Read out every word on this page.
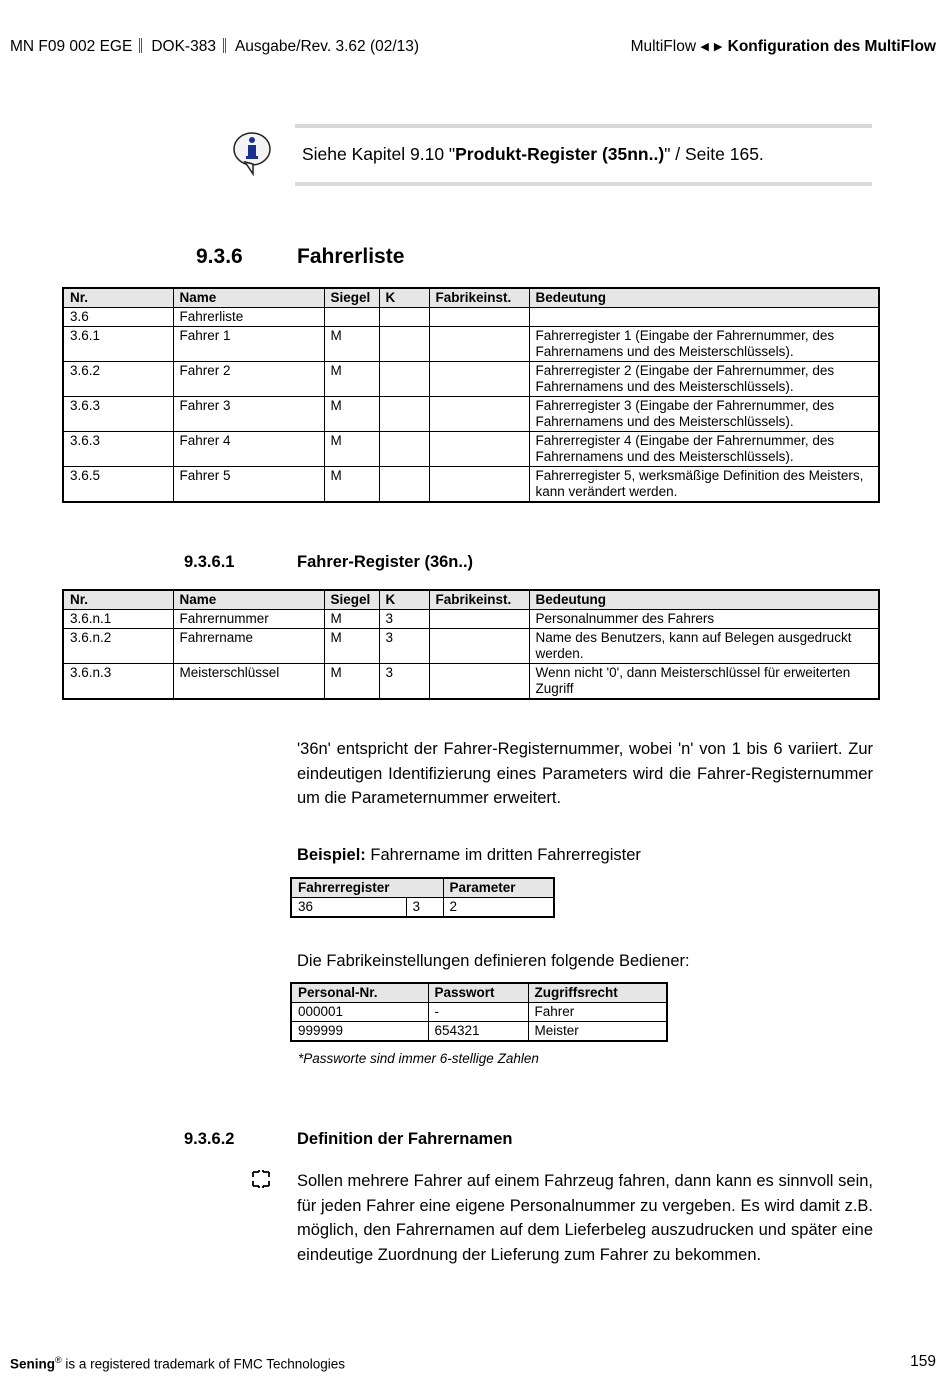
MN F09 002 EGE DOK-383 Ausgabe/Rev. 3.62 (02/13)	MultiFlow ◀ ▶ Konfiguration des MultiFlow
Siehe Kapitel 9.10 "Produkt-Register (35nn..)" / Seite 165.
9.3.6	Fahrerliste
Nr.	Name	Siegel	K	Fabrikeinst.	Bedeutung
3.6	Fahrerliste				
3.6.1	Fahrer 1	M			Fahrerregister 1 (Eingabe der Fahrernummer, des Fahrernamens und des Meisterschlüssels).
3.6.2	Fahrer 2	M			Fahrerregister 2 (Eingabe der Fahrernummer, des Fahrernamens und des Meisterschlüssels).
3.6.3	Fahrer 3	M			Fahrerregister 3 (Eingabe der Fahrernummer, des Fahrernamens und des Meisterschlüssels).
3.6.3	Fahrer 4	M			Fahrerregister 4 (Eingabe der Fahrernummer, des Fahrernamens und des Meisterschlüssels).
3.6.5	Fahrer 5	M			Fahrerregister 5, werksmäßige Definition des Meisters, kann verändert werden.
9.3.6.1	Fahrer-Register (36n..)
Nr.	Name	Siegel	K	Fabrikeinst.	Bedeutung
3.6.n.1	Fahrernummer	M	3		Personalnummer des Fahrers
3.6.n.2	Fahrername	M	3		Name des Benutzers, kann auf Belegen ausgedruckt werden.
3.6.n.3	Meisterschlüssel	M	3		Wenn nicht '0', dann Meisterschlüssel für erweiterten Zugriff
'36n' entspricht der Fahrer-Registernummer, wobei 'n' von 1 bis 6 variiert. Zur eindeutigen Identifizierung eines Parameters wird die Fahrer-Registernummer um die Parameternummer erweitert.
Beispiel: Fahrername im dritten Fahrerregister
Fahrerregister		Parameter
36	3	2
Die Fabrikeinstellungen definieren folgende Bediener:
Personal-Nr.	Passwort	Zugriffsrecht
000001	-	Fahrer
999999	654321	Meister
*Passworte sind immer 6-stellige Zahlen
9.3.6.2	Definition der Fahrernamen
Sollen mehrere Fahrer auf einem Fahrzeug fahren, dann kann es sinnvoll sein, für jeden Fahrer eine eigene Personalnummer zu vergeben. Es wird damit z.B. möglich, den Fahrernamen auf dem Lieferbeleg auszudrucken und später eine eindeutige Zuordnung der Lieferung zum Fahrer zu bekommen.
Sening® is a registered trademark of FMC Technologies	159
